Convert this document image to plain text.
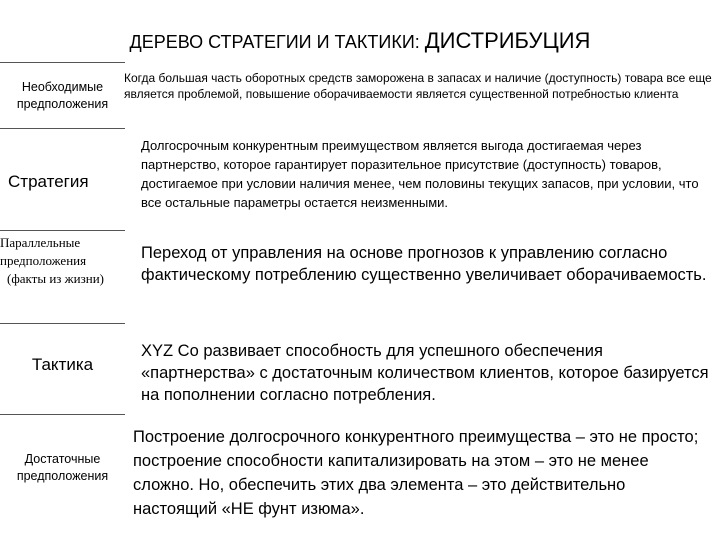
ДЕРЕВО СТРАТЕГИИ И ТАКТИКИ: ДИСТРИБУЦИЯ
Необходимые
предположения
Когда большая часть оборотных средств заморожена в запасах и наличие (доступность) товара все еще является проблемой, повышение оборачиваемости является существенной потребностью клиента
Стратегия
Долгосрочным конкурентным преимуществом является выгода достигаемая через партнерство, которое гарантирует поразительное присутствие (доступность) товаров, достигаемое при условии наличия менее, чем половины текущих запасов, при условии, что все остальные параметры остается неизменными.
Параллельные
предположения
(факты из жизни)
Переход от управления на основе прогнозов к управлению согласно фактическому потреблению существенно увеличивает оборачиваемость.
Тактика
XYZ Co развивает способность для успешного обеспечения «партнерства» с достаточным количеством клиентов, которое базируется на пополнении согласно потребления.
Достаточные
предположения
Построение долгосрочного конкурентного преимущества – это не просто; построение способности капитализировать на этом – это не менее сложно. Но, обеспечить этих два элемента – это действительно настоящий «НЕ фунт изюма».
